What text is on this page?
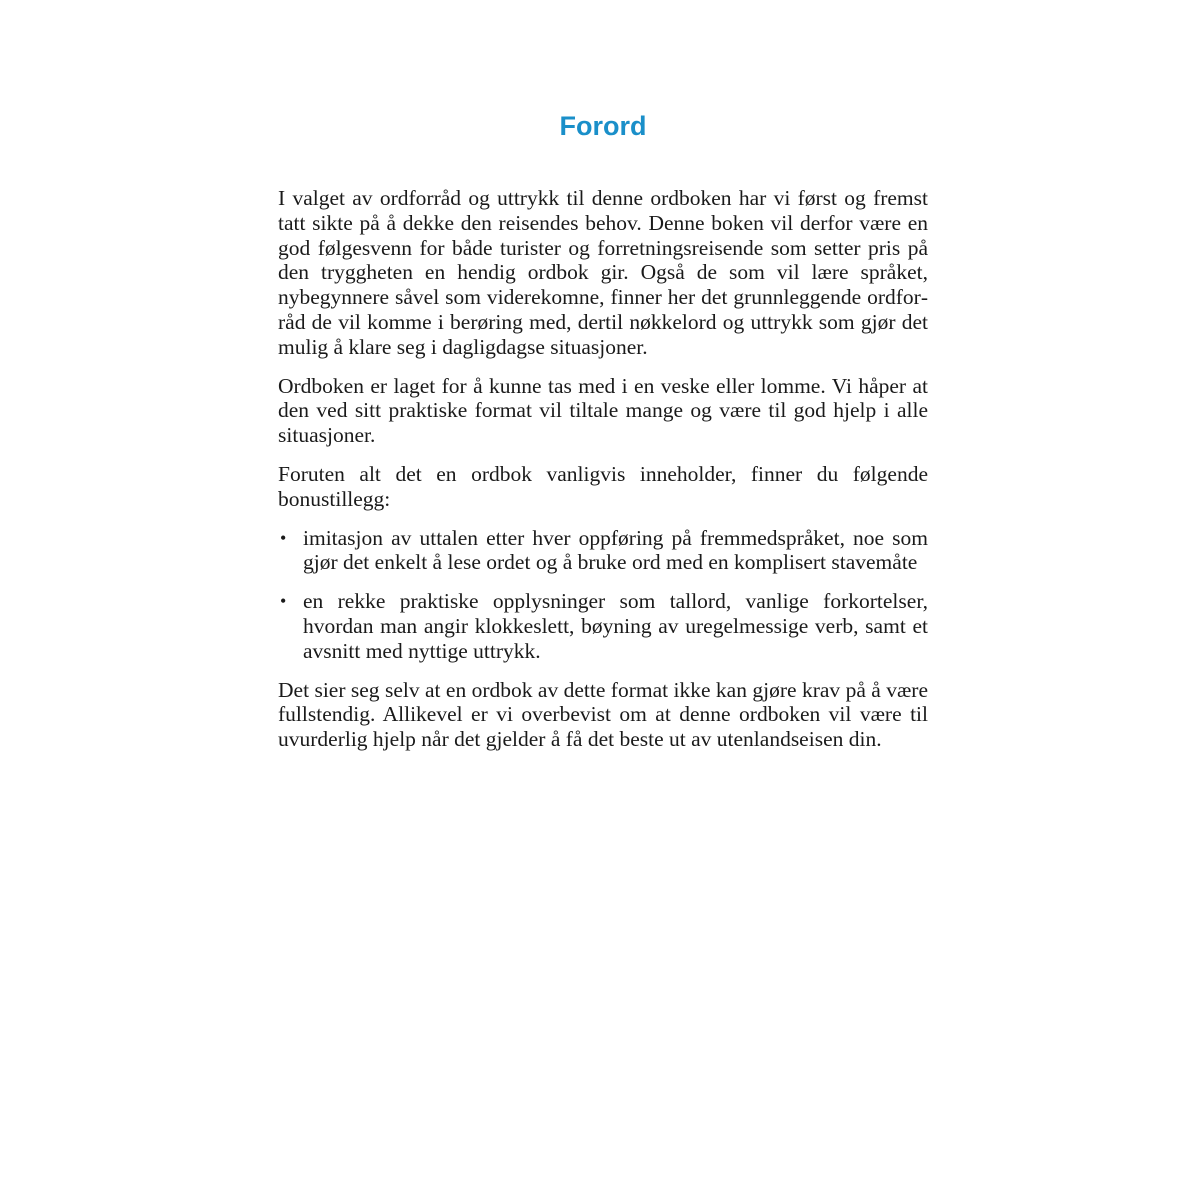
Forord

I valget av ordforråd og uttrykk til denne ordboken har vi først og fremst tatt sikte på å dekke den reisendes behov. Denne boken vil derfor være en god følgesvenn for både turister og forretningsreisende som setter pris på den tryggheten en hendig ordbok gir. Også de som vil lære språket, nybegynnere såvel som viderekomne, finner her det grunnleggende ordforråd de vil komme i berøring med, dertil nøkkelord og uttrykk som gjør det mulig å klare seg i dagligdagse situasjoner.

Ordboken er laget for å kunne tas med i en veske eller lomme. Vi håper at den ved sitt praktiske format vil tiltale mange og være til god hjelp i alle situasjoner.

Foruten alt det en ordbok vanligvis inneholder, finner du følgende bonustillegg:

• imitasjon av uttalen etter hver oppføring på fremmedspråket, noe som gjør det enkelt å lese ordet og å bruke ord med en komplisert stavemåte
• en rekke praktiske opplysninger som tallord, vanlige forkortelser, hvordan man angir klokkeslett, bøyning av uregelmessige verb, samt et avsnitt med nyttige uttrykk.

Det sier seg selv at en ordbok av dette format ikke kan gjøre krav på å være fullstendig. Allikevel er vi overbevist om at denne ordboken vil være til uvurderlig hjelp når det gjelder å få det beste ut av utenlandseisen din.
